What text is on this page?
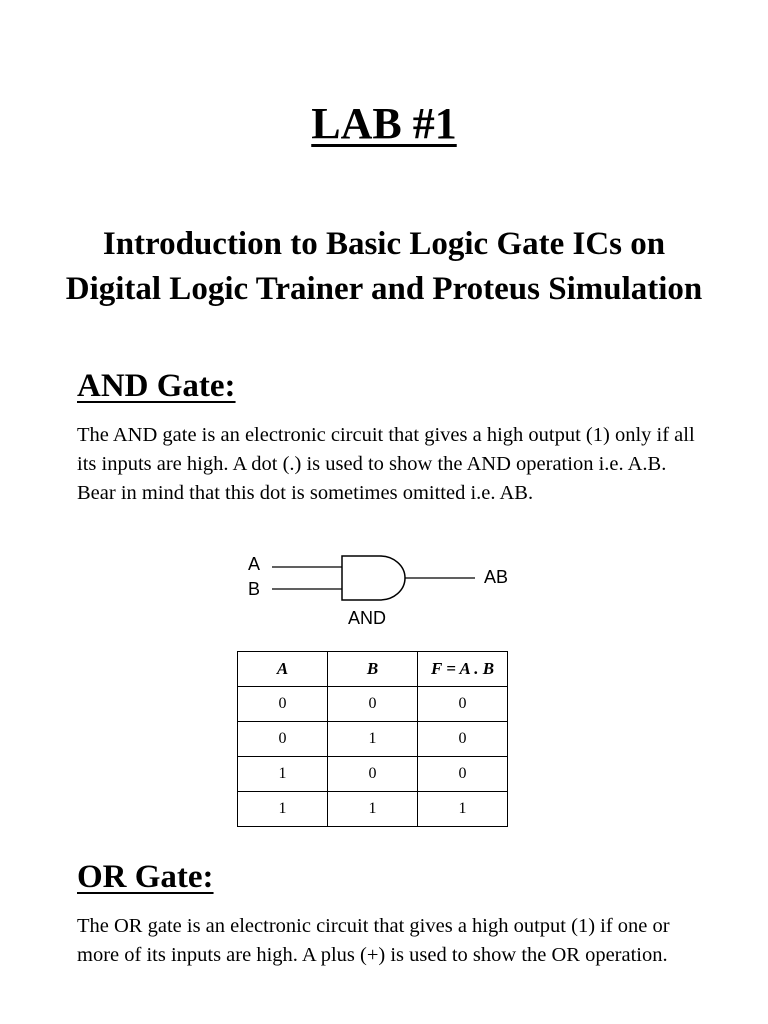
LAB #1
Introduction to Basic Logic Gate ICs on Digital Logic Trainer and Proteus Simulation
AND Gate:

The AND gate is an electronic circuit that gives a high output (1) only if all its inputs are high. A dot (.) is used to show the AND operation i.e. A.B. Bear in mind that this dot is sometimes omitted i.e. AB.

A
B
AB
AND
A	B	F = A . B
0	0	0
0	1	0
1	0	0
1	1	1
OR Gate:

The OR gate is an electronic circuit that gives a high output (1) if one or more of its inputs are high. A plus (+) is used to show the OR operation.
